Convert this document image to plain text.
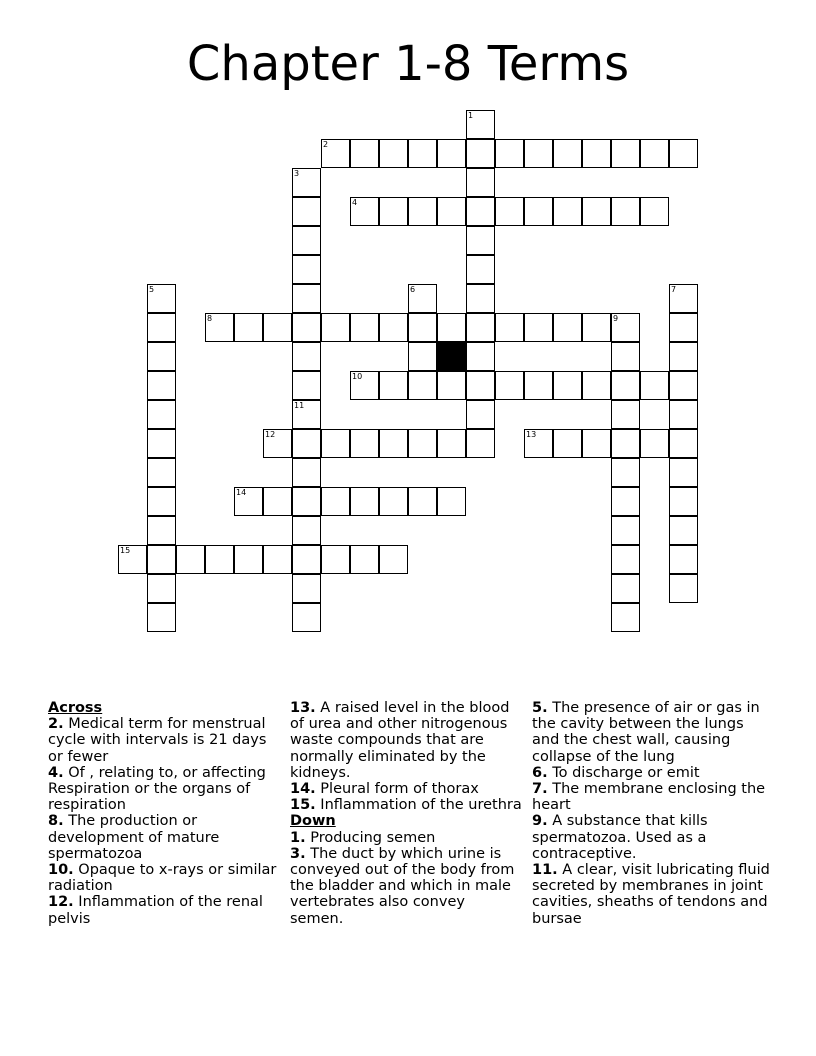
Chapter 1-8 Terms
1
2
3
4
5	6	7
8	9
10
11
12	13
14
15
Across
2. Medical term for menstrual cycle with intervals is 21 days or fewer
4. Of , relating to, or affecting Respiration or the organs of respiration
8. The production or development of mature spermatozoa
10. Opaque to x-rays or similar radiation
12. Inflammation of the renal pelvis
13. A raised level in the blood of urea and other nitrogenous waste compounds that are normally eliminated by the kidneys.
14. Pleural form of thorax
15. Inflammation of the urethra
Down
1. Producing semen
3. The duct by which urine is conveyed out of the body from the bladder and which in male vertebrates also convey semen.
5. The presence of air or gas in the cavity between the lungs and the chest wall, causing collapse of the lung
6. To discharge or emit
7. The membrane enclosing the heart
9. A substance that kills spermatozoa. Used as a contraceptive.
11. A clear, visit lubricating fluid secreted by membranes in joint cavities, sheaths of tendons and bursae
